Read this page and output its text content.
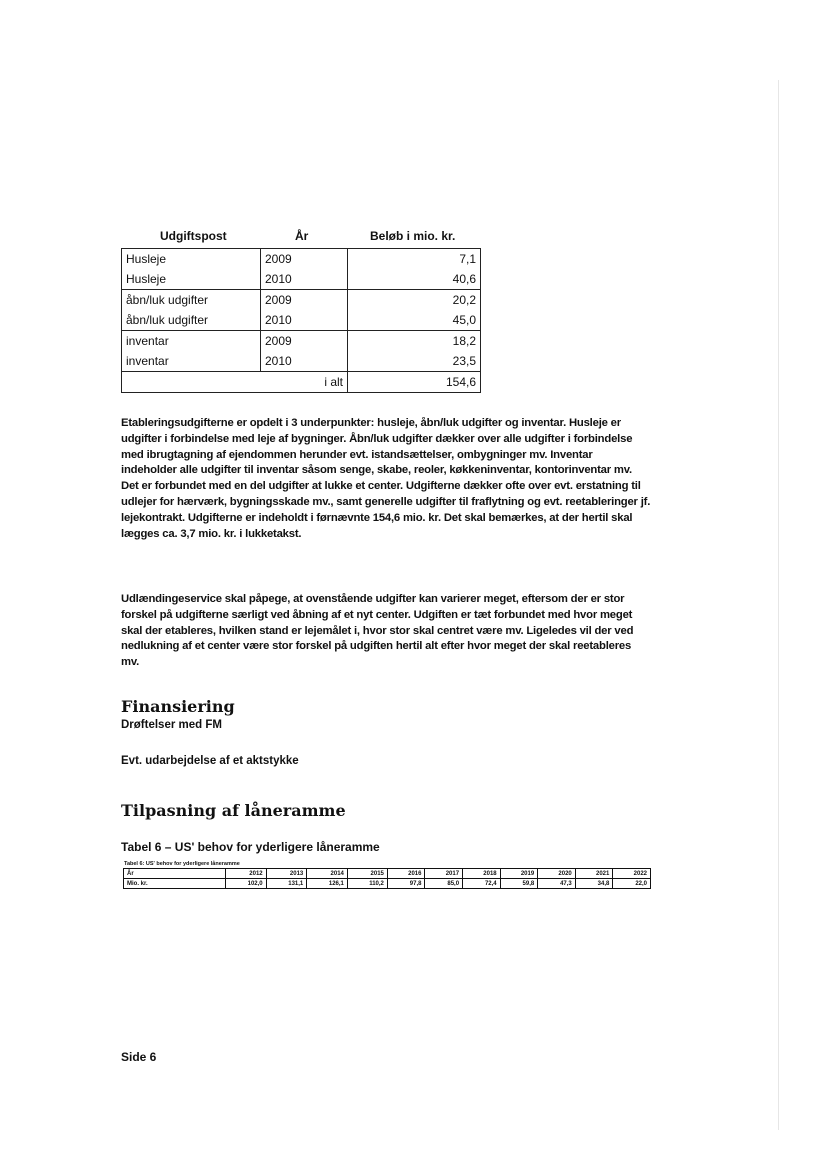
Udgiftspost	År	Beløb i mio. kr.
Husleje	2009	7,1
Husleje	2010	40,6
åbn/luk udgifter	2009	20,2
åbn/luk udgifter	2010	45,0
inventar	2009	18,2
inventar	2010	23,5
	i alt	154,6

Etableringsudgifterne er opdelt i 3 underpunkter: husleje, åbn/luk udgifter og inventar. Husleje er udgifter i forbindelse med leje af bygninger. Åbn/luk udgifter dækker over alle udgifter i forbindelse med ibrugtagning af ejendommen herunder evt. istandsættelser, ombygninger mv. Inventar indeholder alle udgifter til inventar såsom senge, skabe, reoler, køkkeninventar, kontorinventar mv. Det er forbundet med en del udgifter at lukke et center. Udgifterne dækker ofte over evt. erstatning til udlejer for hærværk, bygningsskade mv., samt generelle udgifter til fraflytning og evt. reetableringer jf. lejekontrakt. Udgifterne er indeholdt i førnævnte 154,6 mio. kr. Det skal bemærkes, at der hertil skal lægges ca. 3,7 mio. kr. i lukketakst.

Udlændingeservice skal påpege, at ovenstående udgifter kan varierer meget, eftersom der er stor forskel på udgifterne særligt ved åbning af et nyt center. Udgiften er tæt forbundet med hvor meget skal der etableres, hvilken stand er lejemålet i, hvor stor skal centret være mv. Ligeledes vil der ved nedlukning af et center være stor forskel på udgiften hertil alt efter hvor meget der skal reetableres mv.

Finansiering

Drøftelser med FM

Evt. udarbejdelse af et aktstykke

Tilpasning af låneramme
Tabel 6 – US' behov for yderligere låneramme
Tabel 6: US' behov for yderligere låneramme
År	2012	2013	2014	2015	2016	2017	2018	2019	2020	2021	2022
Mio. kr.	102,0	131,1	126,1	110,2	97,8	85,0	72,4	59,8	47,3	34,8	22,0
Side 6
